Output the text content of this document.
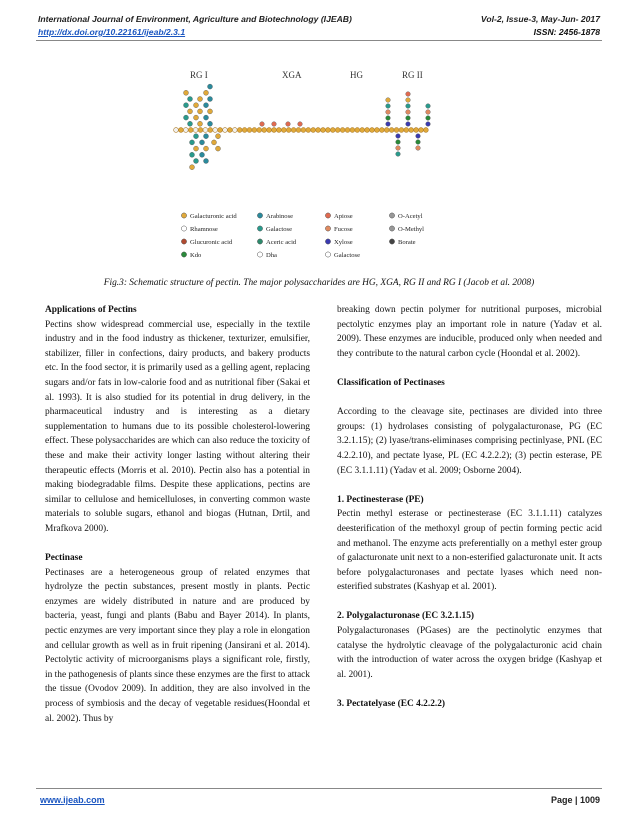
International Journal of Environment, Agriculture and Biotechnology (IJEAB)	Vol-2, Issue-3, May-Jun- 2017
http://dx.doi.org/10.22161/ijeab/2.3.1	ISSN: 2456-1878
RG I	XGA	HG	RG II
Galacturonic acid	Arabinose	Apiose	O-Acetyl
Rhamnose	Galactose	Fucose	O-Methyl
Glucuronic acid	Aceric acid	Xylose	Borate
Kdo	Dha	Galactose
Fig.3: Schematic structure of pectin. The major polysaccharides are HG, XGA, RG II and RG I (Jacob et al. 2008)
Applications of Pectins

Pectins show widespread commercial use, especially in the textile industry and in the food industry as thickener, texturizer, emulsifier, stabilizer, filler in confections, dairy products, and bakery products etc. In the food sector, it is primarily used as a gelling agent, replacing sugars and/or fats in low-calorie food and as nutritional fiber (Sakai et al. 1993). It is also studied for its potential in drug delivery, in the pharmaceutical industry and is interesting as a dietary supplementation to humans due to its possible cholesterol-lowering effect. These polysaccharides are which can also reduce the toxicity of these and make their activity longer lasting without altering their therapeutic effects (Morris et al. 2010). Pectin also has a potential in making biodegradable films. Despite these applications, pectins are similar to cellulose and hemicelluloses, in converting common waste materials to soluble sugars, ethanol and biogas (Hutnan, Drtil, and Mrafkova 2000).

Pectinase

Pectinases are a heterogeneous group of related enzymes that hydrolyze the pectin substances, present mostly in plants. Pectic enzymes are widely distributed in nature and are produced by bacteria, yeast, fungi and plants (Babu and Bayer 2014). In plants, pectic enzymes are very important since they play a role in elongation and cellular growth as well as in fruit ripening (Jansirani et al. 2014). Pectolytic activity of microorganisms plays a significant role, firstly, in the pathogenesis of plants since these enzymes are the first to attack the tissue (Ovodov 2009). In addition, they are also involved in the process of symbiosis and the decay of vegetable residues(Hoondal et al. 2002). Thus by

breaking down pectin polymer for nutritional purposes, microbial pectolytic enzymes play an important role in nature (Yadav et al. 2009). These enzymes are inducible, produced only when needed and they contribute to the natural carbon cycle (Hoondal et al. 2002).

Classification of Pectinases

According to the cleavage site, pectinases are divided into three groups: (1) hydrolases consisting of polygalacturonase, PG (EC 3.2.1.15); (2) lyase/trans-eliminases comprising pectinlyase, PNL (EC 4.2.2.10), and pectate lyase, PL (EC 4.2.2.2); (3) pectin esterase, PE (EC 3.1.1.11) (Yadav et al. 2009; Osborne 2004).

1. Pectinesterase (PE)

Pectin methyl esterase or pectinesterase (EC 3.1.1.11) catalyzes deesterification of the methoxyl group of pectin forming pectic acid and methanol. The enzyme acts preferentially on a methyl ester group of galacturonate unit next to a non-esterified galacturonate unit. It acts before polygalacturonases and pectate lyases which need non-esterified substrates (Kashyap et al. 2001).

2. Polygalacturonase (EC 3.2.1.15)

Polygalacturonases (PGases) are the pectinolytic enzymes that catalyse the hydrolytic cleavage of the polygalacturonic acid chain with the introduction of water across the oxygen bridge (Kashyap et al. 2001).

3. Pectatelyase (EC 4.2.2.2)
www.ijeab.com	Page | 1009
